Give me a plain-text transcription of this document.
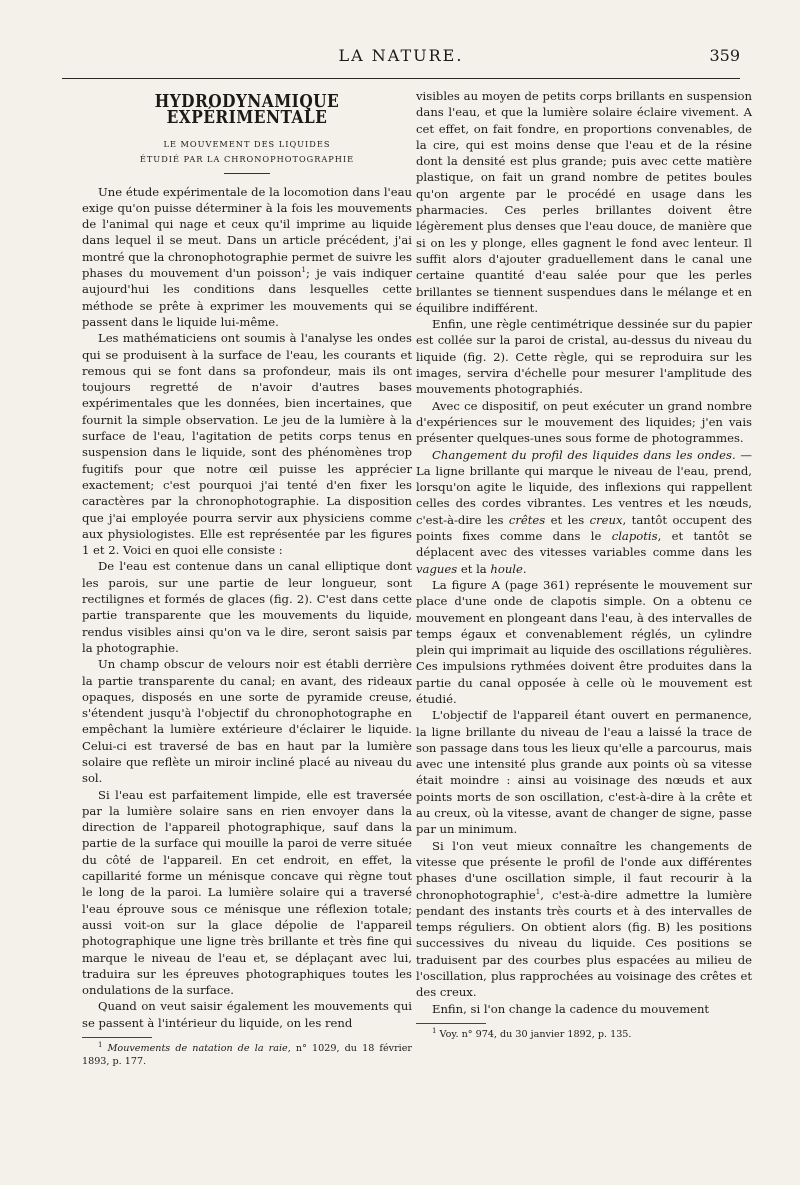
LA NATURE.	359
HYDRODYNAMIQUE EXPÉRIMENTALE
LE MOUVEMENT DES LIQUIDES
ÉTUDIÉ PAR LA CHRONOPHOTOGRAPHIE

Une étude expérimentale de la locomotion dans l'eau exige qu'on puisse déterminer à la fois les mouvements de l'animal qui nage et ceux qu'il imprime au liquide dans lequel il se meut. Dans un article précédent, j'ai montré que la chronophotographie permet de suivre les phases du mouvement d'un poisson$^1$; je vais indiquer aujourd'hui les conditions dans lesquelles cette méthode se prête à exprimer les mouvements qui se passent dans le liquide lui-même.

Les mathématiciens ont soumis à l'analyse les ondes qui se produisent à la surface de l'eau, les courants et remous qui se font dans sa profondeur, mais ils ont toujours regretté de n'avoir d'autres bases expérimentales que les données, bien incertaines, que fournit la simple observation. Le jeu de la lumière à la surface de l'eau, l'agitation de petits corps tenus en suspension dans le liquide, sont des phénomènes trop fugitifs pour que notre œil puisse les apprécier exactement; c'est pourquoi j'ai tenté d'en fixer les caractères par la chronophotographie. La disposition que j'ai employée pourra servir aux physiciens comme aux physiologistes. Elle est représentée par les figures 1 et 2. Voici en quoi elle consiste :

De l'eau est contenue dans un canal elliptique dont les parois, sur une partie de leur longueur, sont rectilignes et formés de glaces (fig. 2). C'est dans cette partie transparente que les mouvements du liquide, rendus visibles ainsi qu'on va le dire, seront saisis par la photographie.

Un champ obscur de velours noir est établi derrière la partie transparente du canal; en avant, des rideaux opaques, disposés en une sorte de pyramide creuse, s'étendent jusqu'à l'objectif du chronophotographe en empêchant la lumière extérieure d'éclairer le liquide. Celui-ci est traversé de bas en haut par la lumière solaire que reflète un miroir incliné placé au niveau du sol.

Si l'eau est parfaitement limpide, elle est traversée par la lumière solaire sans en rien envoyer dans la direction de l'appareil photographique, sauf dans la partie de la surface qui mouille la paroi de verre située du côté de l'appareil. En cet endroit, en effet, la capillarité forme un ménisque concave qui règne tout le long de la paroi. La lumière solaire qui a traversé l'eau éprouve sous ce ménisque une réflexion totale; aussi voit-on sur la glace dépolie de l'appareil photographique une ligne très brillante et très fine qui marque le niveau de l'eau et, se déplaçant avec lui, traduira sur les épreuves photographiques toutes les ondulations de la surface.

Quand on veut saisir également les mouvements qui se passent à l'intérieur du liquide, on les rend

$^1$ Mouvements de natation de la raie, n° 1029, du 18 février 1893, p. 177.

visibles au moyen de petits corps brillants en suspension dans l'eau, et que la lumière solaire éclaire vivement. A cet effet, on fait fondre, en proportions convenables, de la cire, qui est moins dense que l'eau et de la résine dont la densité est plus grande; puis avec cette matière plastique, on fait un grand nombre de petites boules qu'on argente par le procédé en usage dans les pharmacies. Ces perles brillantes doivent être légèrement plus denses que l'eau douce, de manière que si on les y plonge, elles gagnent le fond avec lenteur. Il suffit alors d'ajouter graduellement dans le canal une certaine quantité d'eau salée pour que les perles brillantes se tiennent suspendues dans le mélange et en équilibre indifférent.

Enfin, une règle centimétrique dessinée sur du papier est collée sur la paroi de cristal, au-dessus du niveau du liquide (fig. 2). Cette règle, qui se reproduira sur les images, servira d'échelle pour mesurer l'amplitude des mouvements photographiés.

Avec ce dispositif, on peut exécuter un grand nombre d'expériences sur le mouvement des liquides; j'en vais présenter quelques-unes sous forme de photogrammes.

Changement du profil des liquides dans les ondes. — La ligne brillante qui marque le niveau de l'eau, prend, lorsqu'on agite le liquide, des inflexions qui rappellent celles des cordes vibrantes. Les ventres et les nœuds, c'est-à-dire les crêtes et les creux, tantôt occupent des points fixes comme dans le clapotis, et tantôt se déplacent avec des vitesses variables comme dans les vagues et la houle.

La figure A (page 361) représente le mouvement sur place d'une onde de clapotis simple. On a obtenu ce mouvement en plongeant dans l'eau, à des intervalles de temps égaux et convenablement réglés, un cylindre plein qui imprimait au liquide des oscillations régulières. Ces impulsions rythmées doivent être produites dans la partie du canal opposée à celle où le mouvement est étudié.

L'objectif de l'appareil étant ouvert en permanence, la ligne brillante du niveau de l'eau a laissé la trace de son passage dans tous les lieux qu'elle a parcourus, mais avec une intensité plus grande aux points où sa vitesse était moindre : ainsi au voisinage des nœuds et aux points morts de son oscillation, c'est-à-dire à la crête et au creux, où la vitesse, avant de changer de signe, passe par un minimum.

Si l'on veut mieux connaître les changements de vitesse que présente le profil de l'onde aux différentes phases d'une oscillation simple, il faut recourir à la chronophotographie$^1$, c'est-à-dire admettre la lumière pendant des instants très courts et à des intervalles de temps réguliers. On obtient alors (fig. B) les positions successives du niveau du liquide. Ces positions se traduisent par des courbes plus espacées au milieu de l'oscillation, plus rapprochées au voisinage des crêtes et des creux.

Enfin, si l'on change la cadence du mouvement

$^1$ Voy. n° 974, du 30 janvier 1892, p. 135.
